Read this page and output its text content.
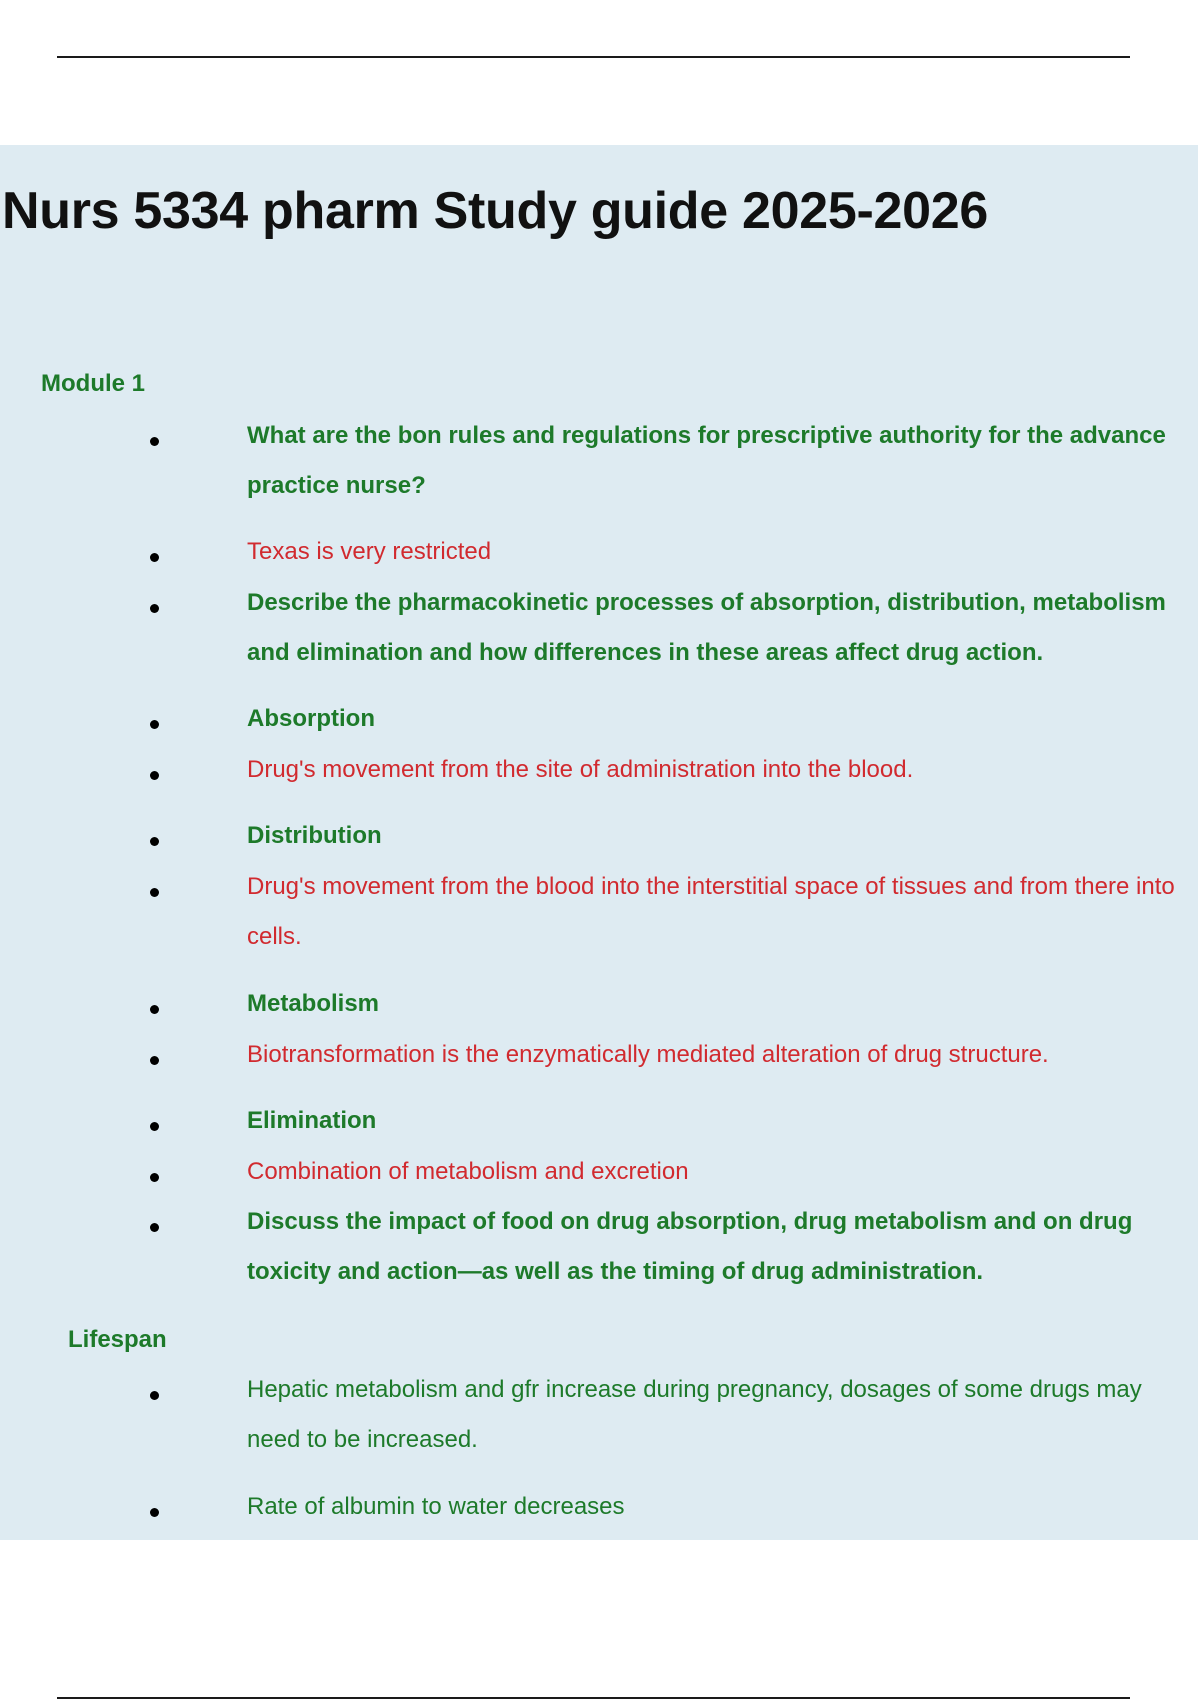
Nurs 5334 pharm Study guide 2025-2026
Module 1
What are the bon rules and regulations for prescriptive authority for the advance practice nurse?
Texas is very restricted
Describe the pharmacokinetic processes of absorption, distribution, metabolism and elimination and how differences in these areas affect drug action.
Absorption
Drug's movement from the site of administration into the blood.
Distribution
Drug's movement from the blood into the interstitial space of tissues and from there into cells.
Metabolism
Biotransformation is the enzymatically mediated alteration of drug structure.
Elimination
Combination of metabolism and excretion
Discuss the impact of food on drug absorption, drug metabolism and on drug toxicity and action—as well as the timing of drug administration.
Lifespan
Hepatic metabolism and gfr increase during pregnancy, dosages of some drugs may need to be increased.
Rate of albumin to water decreases
